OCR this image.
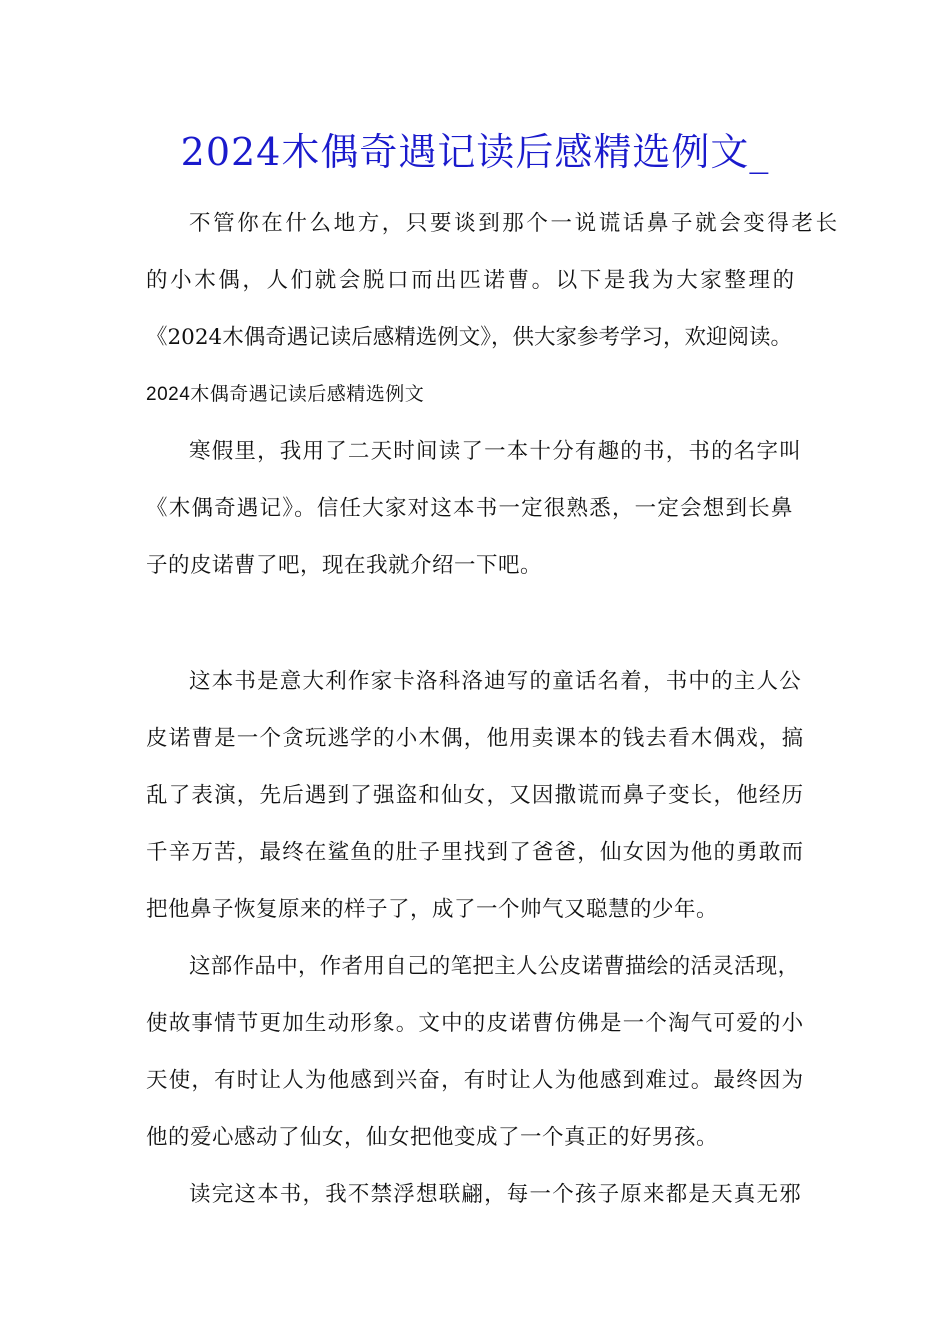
2024木偶奇遇记读后感精选例文_
不管你在什么地方，只要谈到那个一说谎话鼻子就会变得老长
的小木偶，人们就会脱口而出匹诺曹。以下是我为大家整理的
《2024木偶奇遇记读后感精选例文》，供大家参考学习，欢迎阅读。
2024木偶奇遇记读后感精选例文
寒假里，我用了二天时间读了一本十分有趣的书，书的名字叫
《木偶奇遇记》。信任大家对这本书一定很熟悉，一定会想到长鼻
子的皮诺曹了吧，现在我就介绍一下吧。
这本书是意大利作家卡洛科洛迪写的童话名着，书中的主人公
皮诺曹是一个贪玩逃学的小木偶，他用卖课本的钱去看木偶戏，搞
乱了表演，先后遇到了强盗和仙女，又因撒谎而鼻子变长，他经历
千辛万苦，最终在鲨鱼的肚子里找到了爸爸，仙女因为他的勇敢而
把他鼻子恢复原来的样子了，成了一个帅气又聪慧的少年。
这部作品中，作者用自己的笔把主人公皮诺曹描绘的活灵活现，
使故事情节更加生动形象。文中的皮诺曹仿佛是一个淘气可爱的小
天使，有时让人为他感到兴奋，有时让人为他感到难过。最终因为
他的爱心感动了仙女，仙女把他变成了一个真正的好男孩。
读完这本书，我不禁浮想联翩，每一个孩子原来都是天真无邪
